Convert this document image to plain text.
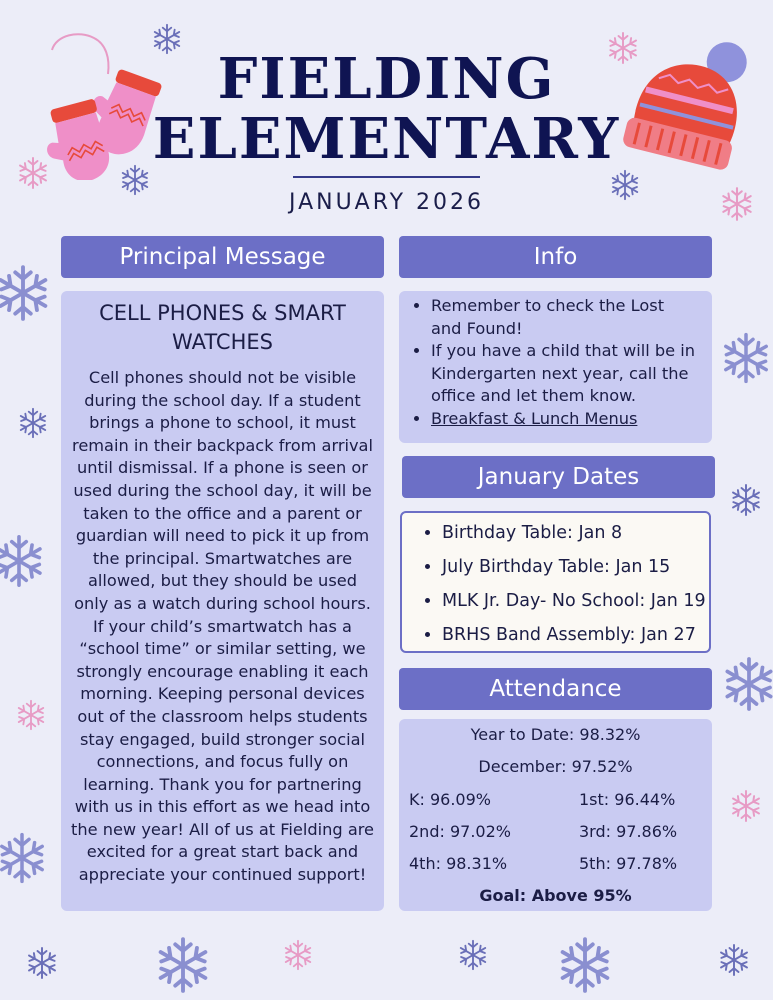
FIELDING
ELEMENTARY
JANUARY 2026
Principal Message
CELL PHONES & SMART WATCHES
Cell phones should not be visible during the school day. If a student brings a phone to school, it must remain in their backpack from arrival until dismissal. If a phone is seen or used during the school day, it will be taken to the office and a parent or guardian will need to pick it up from the principal. Smartwatches are allowed, but they should be used only as a watch during school hours. If your child’s smartwatch has a “school time” or similar setting, we strongly encourage enabling it each morning. Keeping personal devices out of the classroom helps students stay engaged, build stronger social connections, and focus fully on learning. Thank you for partnering with us in this effort as we head into the new year! All of us at Fielding are excited for a great start back and appreciate your continued support!
Info
• Remember to check the Lost and Found!
• If you have a child that will be in Kindergarten next year, call the office and let them know.
• Breakfast & Lunch Menus
January Dates
• Birthday Table: Jan 8
• July Birthday Table: Jan 15
• MLK Jr. Day- No School: Jan 19
• BRHS Band Assembly: Jan 27
Attendance
Year to Date: 98.32%
December: 97.52%
K: 96.09%	1st: 96.44%
2nd: 97.02%	3rd: 97.86%
4th: 98.31%	5th: 97.78%
Goal: Above 95%
